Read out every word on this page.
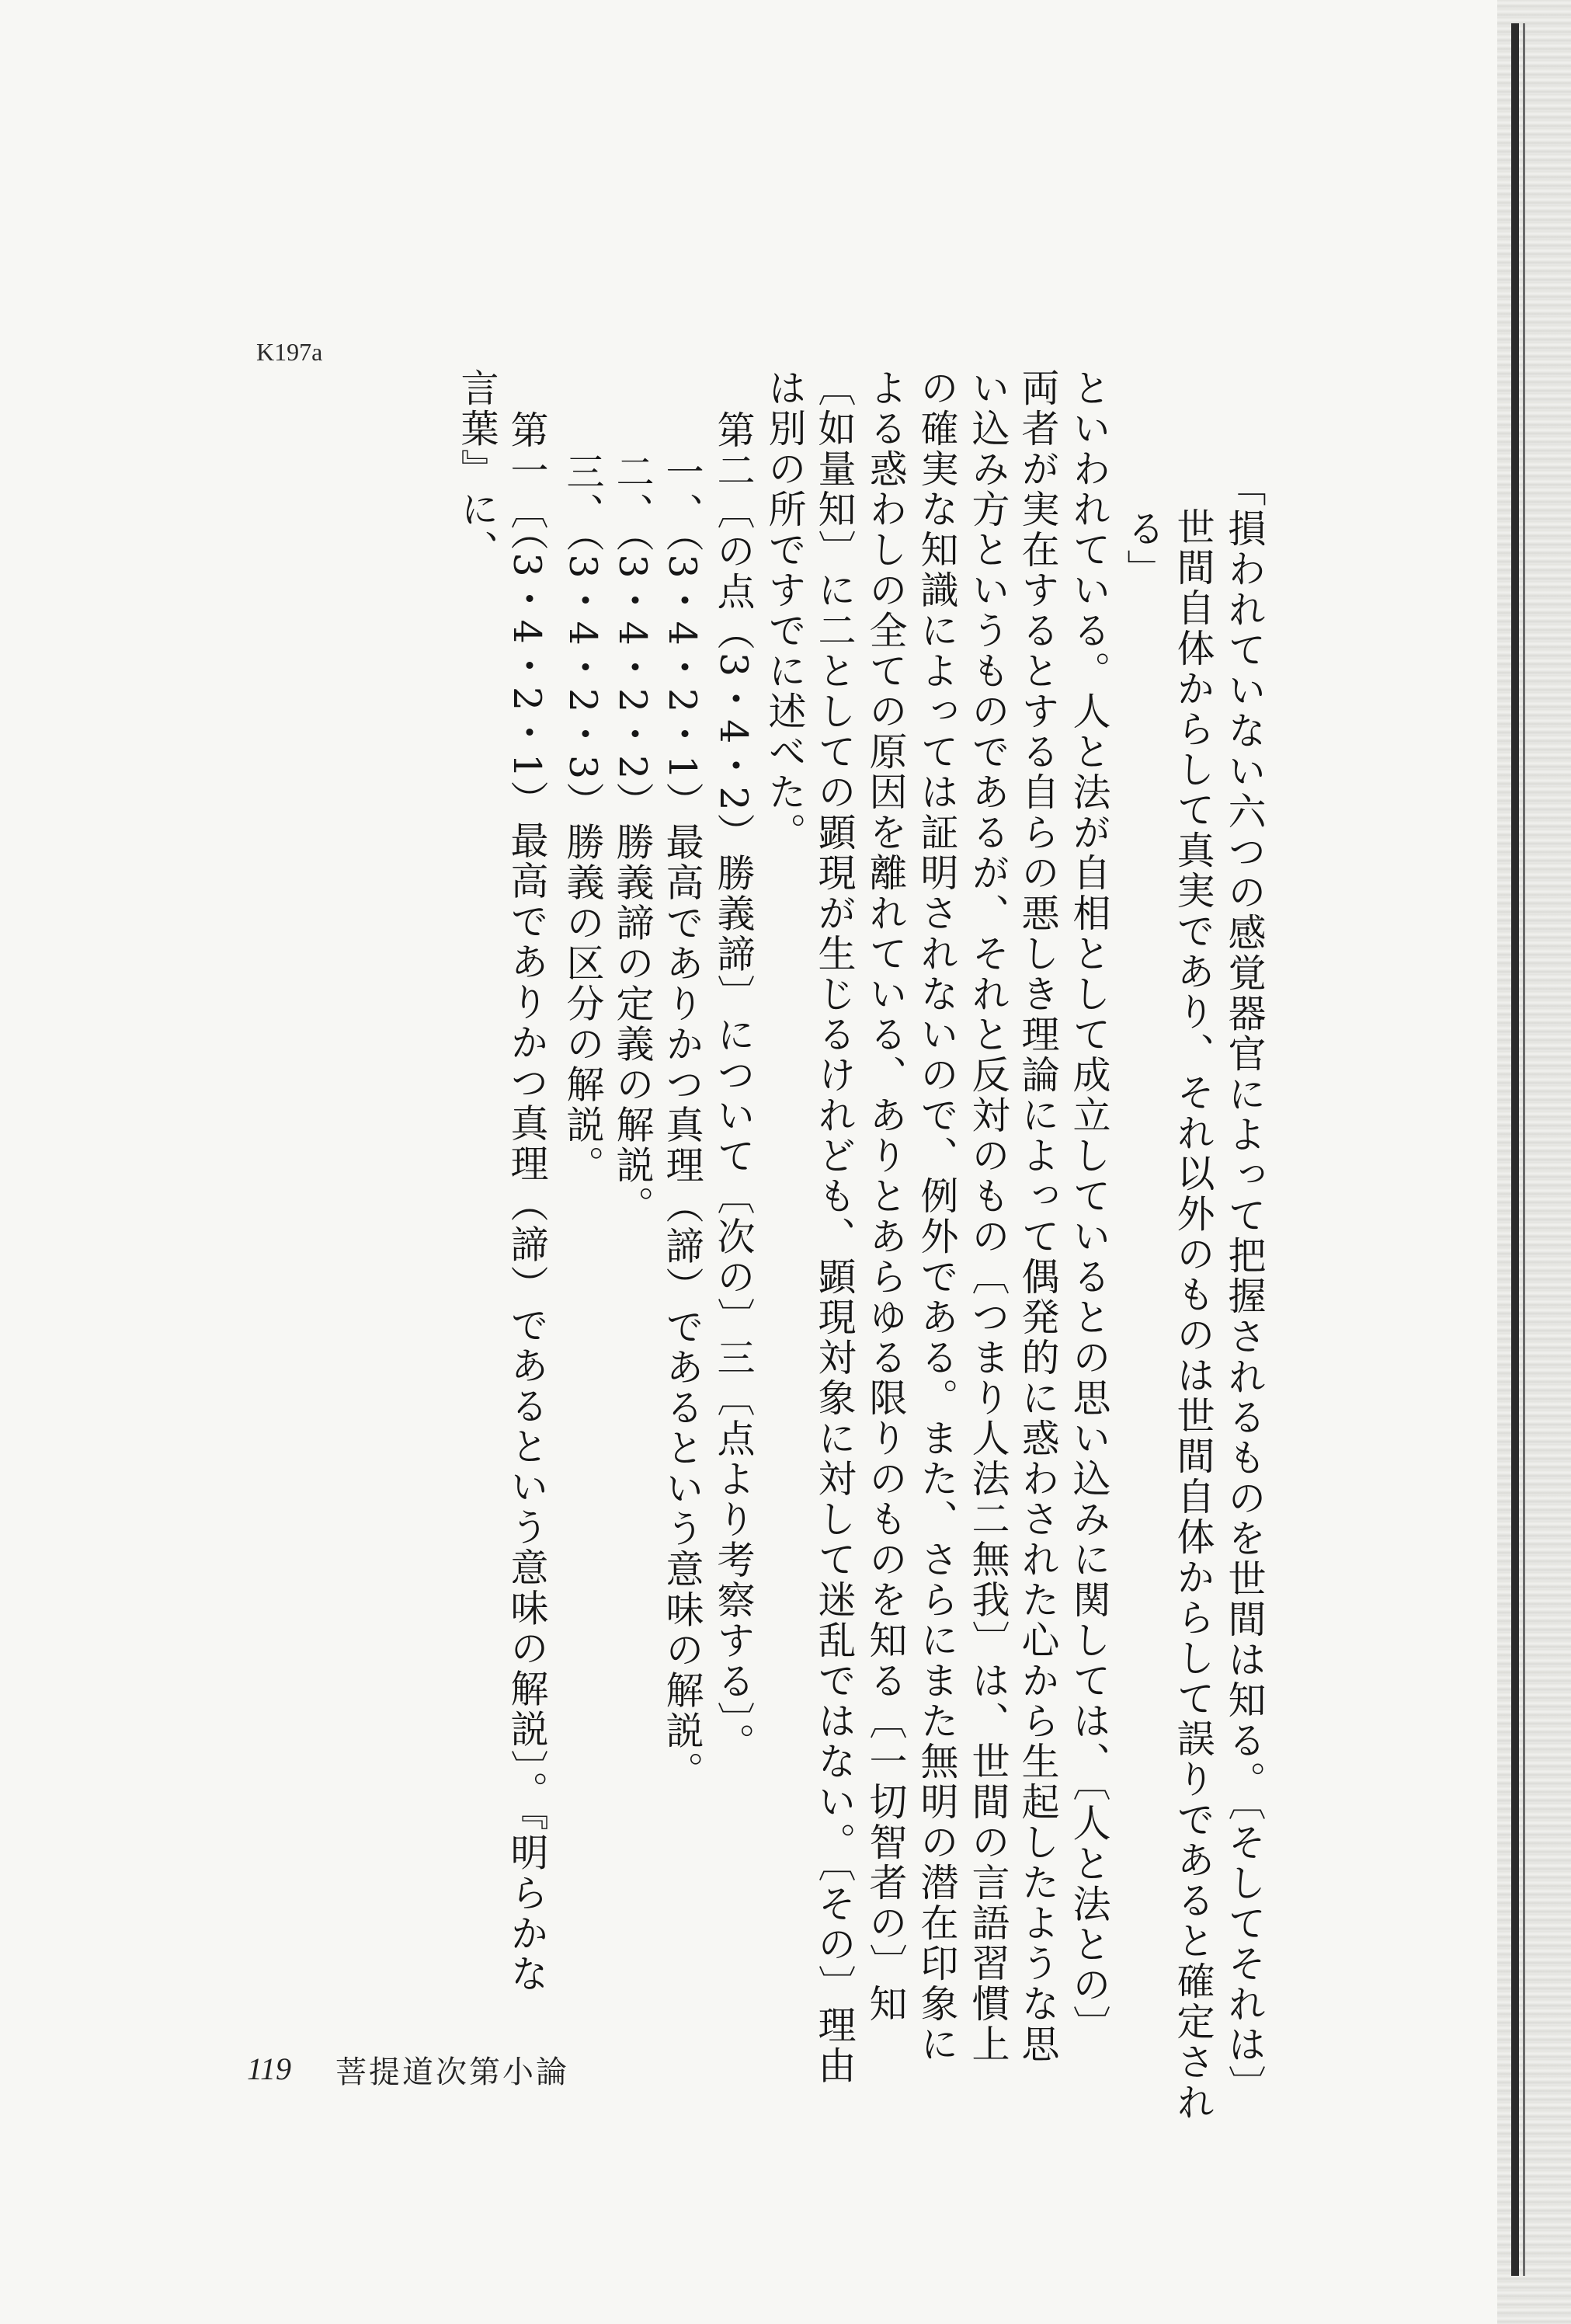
K197a
「損われていない六つの感覚器官によって把握されるものを世間は知る。〔そしてそれは〕
世間自体からして真実であり、それ以外のものは世間自体からして誤りであると確定され
る」
といわれている。人と法が自相として成立しているとの思い込みに関しては、〔人と法との〕
両者が実在するとする自らの悪しき理論によって偶発的に惑わされた心から生起したような思
い込み方というものであるが、それと反対のもの〔つまり人法二無我〕は、世間の言語習慣上
の確実な知識によっては証明されないので、例外である。また、さらにまた無明の潜在印象に
よる惑わしの全ての原因を離れている、ありとあらゆる限りのものを知る〔一切智者の〕知
〔如量知〕に二としての顕現が生じるけれども、顕現対象に対して迷乱ではない。〔その〕理由
は別の所ですでに述べた。
第二〔の点（3・4・2）勝義諦〕について〔次の〕三〔点より考察する〕。
一、（3・4・2・1）最高でありかつ真理（諦）であるという意味の解説。
二、（3・4・2・2）勝義諦の定義の解説。
三、（3・4・2・3）勝義の区分の解説。
第一〔（3・4・2・1）最高でありかつ真理（諦）であるという意味の解説〕。『明らかな
言葉』に、
119 菩提道次第小論
